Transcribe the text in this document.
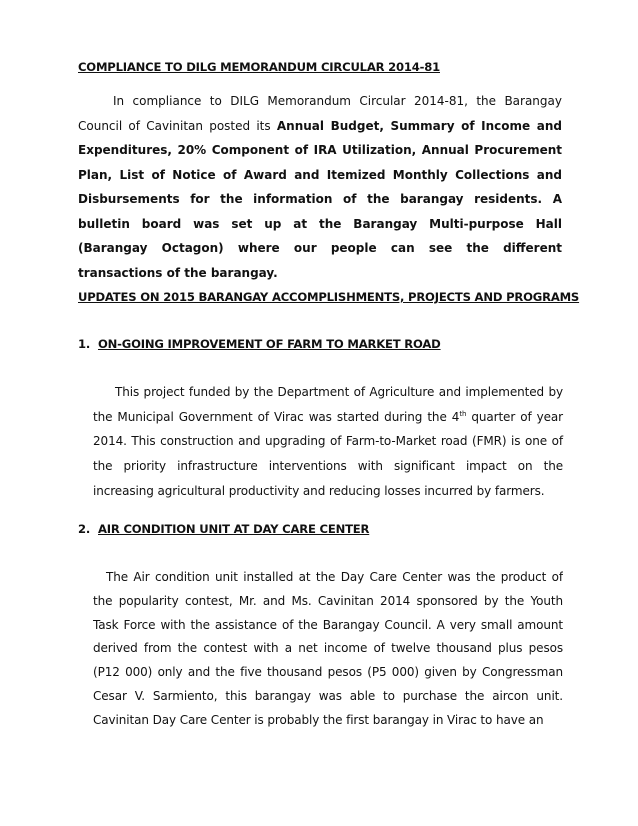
COMPLIANCE TO DILG MEMORANDUM CIRCULAR 2014-81
In compliance to DILG Memorandum Circular 2014-81, the Barangay Council of Cavinitan posted its Annual Budget, Summary of Income and Expenditures, 20% Component of IRA Utilization, Annual Procurement Plan, List of Notice of Award and Itemized Monthly Collections and Disbursements for the information of the barangay residents. A bulletin board was set up at the Barangay Multi-purpose Hall (Barangay Octagon) where our people can see the different transactions of the barangay.
UPDATES ON 2015 BARANGAY ACCOMPLISHMENTS, PROJECTS AND PROGRAMS
1. ON-GOING IMPROVEMENT OF FARM TO MARKET ROAD
This project funded by the Department of Agriculture and implemented by the Municipal Government of Virac was started during the 4th quarter of year 2014. This construction and upgrading of Farm-to-Market road (FMR) is one of the priority infrastructure interventions with significant impact on the increasing agricultural productivity and reducing losses incurred by farmers.
2. AIR CONDITION UNIT AT DAY CARE CENTER
The Air condition unit installed at the Day Care Center was the product of the popularity contest, Mr. and Ms. Cavinitan 2014 sponsored by the Youth Task Force with the assistance of the Barangay Council. A very small amount derived from the contest with a net income of twelve thousand plus pesos (P12 000) only and the five thousand pesos (P5 000) given by Congressman Cesar V. Sarmiento, this barangay was able to purchase the aircon unit. Cavinitan Day Care Center is probably the first barangay in Virac to have an
